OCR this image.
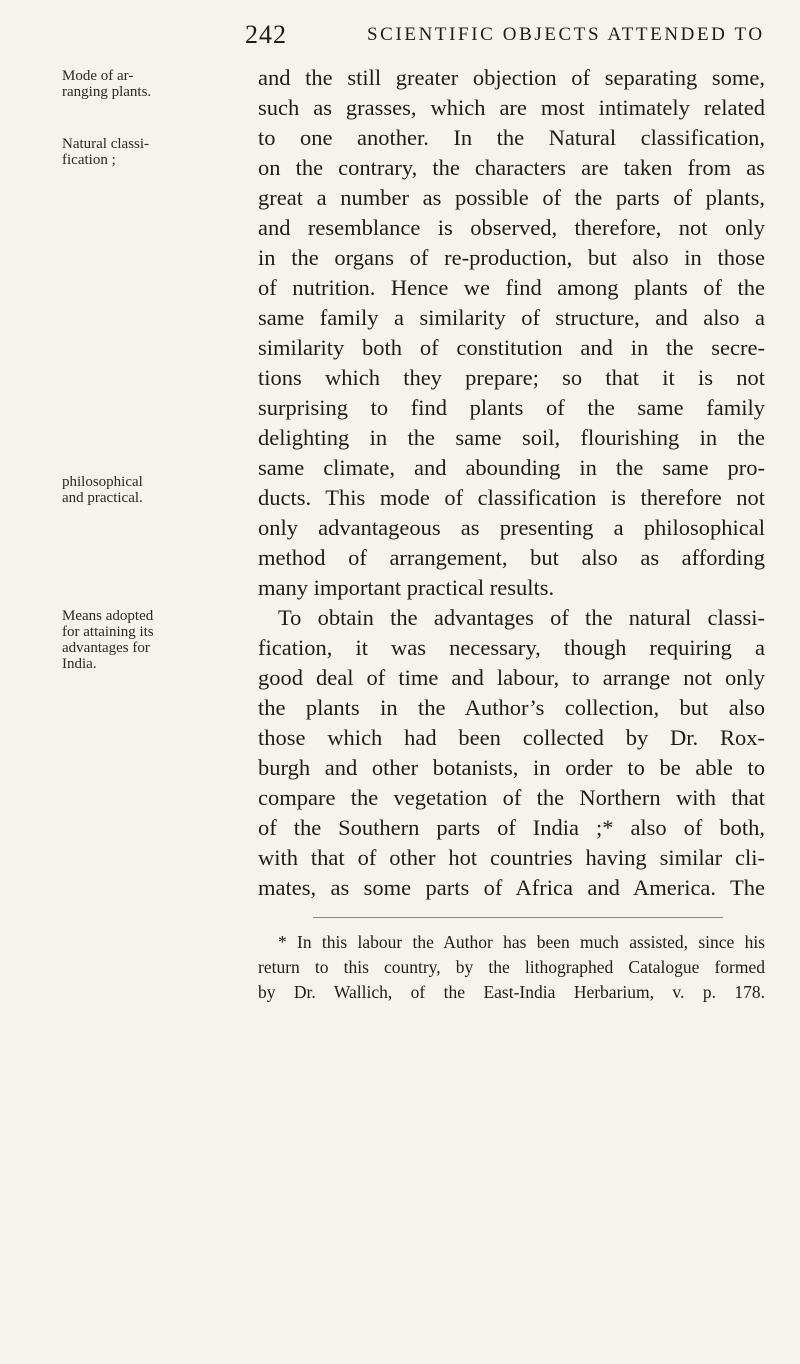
242	SCIENTIFIC OBJECTS ATTENDED TO
Mode of ar-
ranging plants.
Natural classi-
fication ;
philosophical
and practical.
Means adopted
for attaining its
advantages for
India.
and the still greater objection of separating some,
such as grasses, which are most intimately related
to one another. In the Natural classification,
on the contrary, the characters are taken from as
great a number as possible of the parts of plants,
and resemblance is observed, therefore, not only
in the organs of re-production, but also in those
of nutrition. Hence we find among plants of the
same family a similarity of structure, and also a
similarity both of constitution and in the secre-
tions which they prepare; so that it is not
surprising to find plants of the same family
delighting in the same soil, flourishing in the
same climate, and abounding in the same pro-
ducts. This mode of classification is therefore not
only advantageous as presenting a philosophical
method of arrangement, but also as affording
many important practical results.
To obtain the advantages of the natural classi-
fication, it was necessary, though requiring a
good deal of time and labour, to arrange not only
the plants in the Author’s collection, but also
those which had been collected by Dr. Rox-
burgh and other botanists, in order to be able to
compare the vegetation of the Northern with that
of the Southern parts of India ;* also of both,
with that of other hot countries having similar cli-
mates, as some parts of Africa and America. The
* In this labour the Author has been much assisted, since his
return to this country, by the lithographed Catalogue formed
by Dr. Wallich, of the East-India Herbarium, v. p. 178.
